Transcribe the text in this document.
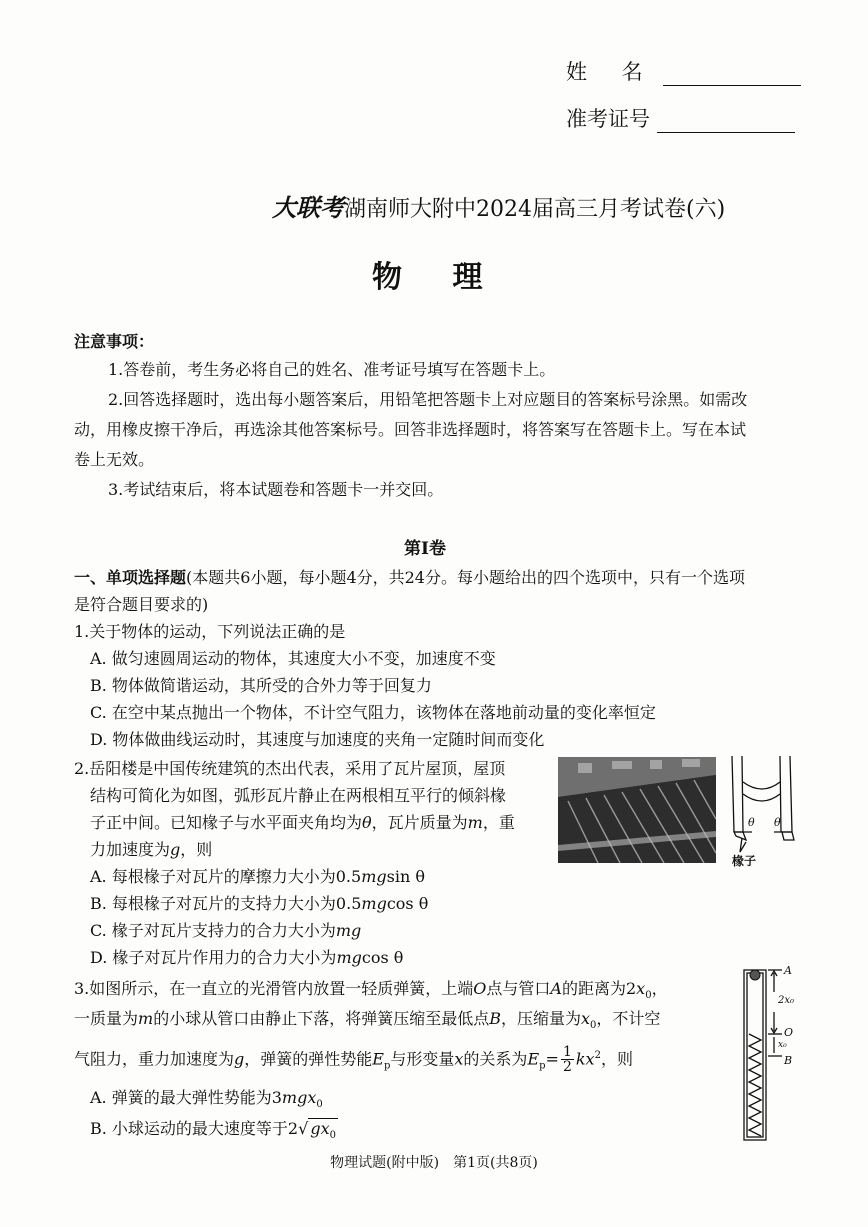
姓 名
准考证号
大联考湖南师大附中2024届高三月考试卷(六)
物 理
注意事项：
1.答卷前，考生务必将自己的姓名、准考证号填写在答题卡上。
2.回答选择题时，选出每小题答案后，用铅笔把答题卡上对应题目的答案标号涂黑。如需改
动，用橡皮擦干净后，再选涂其他答案标号。回答非选择题时，将答案写在答题卡上。写在本试
卷上无效。
3.考试结束后，将本试题卷和答题卡一并交回。
第Ⅰ卷
一、单项选择题(本题共6小题，每小题4分，共24分。每小题给出的四个选项中，只有一个选项
是符合题目要求的)
1.关于物体的运动，下列说法正确的是
A. 做匀速圆周运动的物体，其速度大小不变，加速度不变
B. 物体做简谐运动，其所受的合外力等于回复力
C. 在空中某点抛出一个物体，不计空气阻力，该物体在落地前动量的变化率恒定
D. 物体做曲线运动时，其速度与加速度的夹角一定随时间而变化
2.岳阳楼是中国传统建筑的杰出代表，采用了瓦片屋顶，屋顶
结构可简化为如图，弧形瓦片静止在两根相互平行的倾斜椽
子正中间。已知椽子与水平面夹角均为θ，瓦片质量为m，重
力加速度为g，则
A. 每根椽子对瓦片的摩擦力大小为0.5mgsin θ
B. 每根椽子对瓦片的支持力大小为0.5mgcos θ
C. 椽子对瓦片支持力的合力大小为mg
D. 椽子对瓦片作用力的合力大小为mgcos θ
θ θ
椽子
3.如图所示，在一直立的光滑管内放置一轻质弹簧，上端O点与管口A的距离为$2x_0$，
一质量为m的小球从管口由静止下落，将弹簧压缩至最低点B，压缩量为$x_0$，不计空
气阻力，重力加速度为g，弹簧的弹性势能$E_p$与形变量x的关系为$E_p= \frac{1}{2} kx^2$，则
A. 弹簧的最大弹性势能为3mgx$_0$
B. 小球运动的最大速度等于2√ $gx_0$
A
2x₀
O
x₀
B
物理试题(附中版)　第1页(共8页)
